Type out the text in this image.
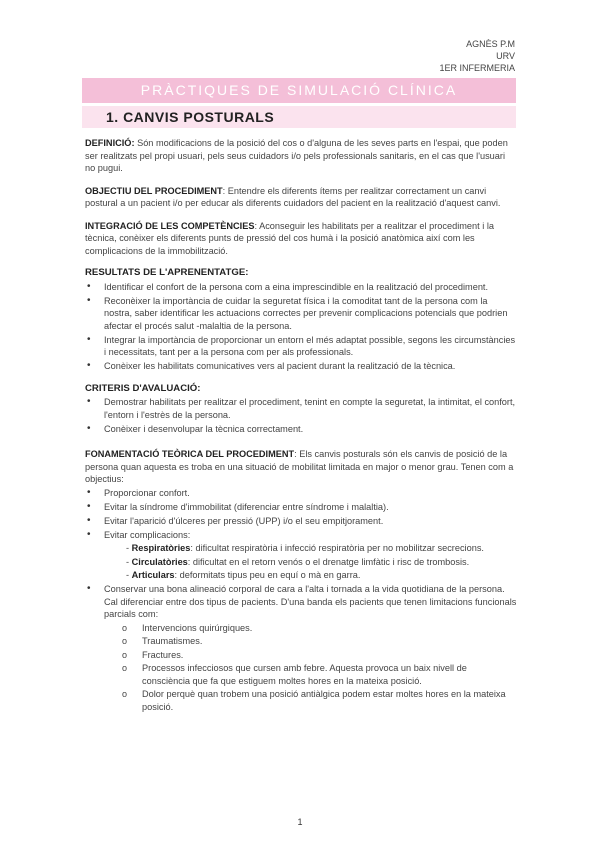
AGNÈS P.M
URV
1ER INFERMERIA
PRÀCTIQUES DE SIMULACIÓ CLÍNICA
1. CANVIS POSTURALS

DEFINICIÓ: Són modificacions de la posició del cos o d'alguna de les seves parts en l'espai, que poden ser realitzats pel propi usuari, pels seus cuidadors i/o pels professionals sanitaris, en el cas que l'usuari no pugui.

OBJECTIU DEL PROCEDIMENT: Entendre els diferents ítems per realitzar correctament un canvi postural a un pacient i/o per educar als diferents cuidadors del pacient en la realització d'aquest canvi.

INTEGRACIÓ DE LES COMPETÈNCIES: Aconseguir les habilitats per a realitzar el procediment i la tècnica, conèixer els diferents punts de pressió del cos humà i la posició anatòmica així com les complicacions de la immobilització.

RESULTATS DE L'APRENENTATGE:
• Identificar el confort de la persona com a eina imprescindible en la realització del procediment.
• Reconèixer la importància de cuidar la seguretat física i la comoditat tant de la persona com la nostra, saber identificar les actuacions correctes per prevenir complicacions potencials que podrien afectar el procés salut -malaltia de la persona.
• Integrar la importància de proporcionar un entorn el més adaptat possible, segons les circumstàncies i necessitats, tant per a la persona com per als professionals.
• Conèixer les habilitats comunicatives vers al pacient durant la realització de la tècnica.
CRITERIS D'AVALUACIÓ:
• Demostrar habilitats per realitzar el procediment, tenint en compte la seguretat, la intimitat, el confort, l'entorn i l'estrès de la persona.
• Conèixer i desenvolupar la tècnica correctament.

FONAMENTACIÓ TEÒRICA DEL PROCEDIMENT: Els canvis posturals són els canvis de posició de la persona quan aquesta es troba en una situació de mobilitat limitada en major o menor grau. Tenen com a objectius:

• Proporcionar confort.
• Evitar la síndrome d'immobilitat (diferenciar entre síndrome i malaltia).
• Evitar l'aparició d'úlceres per pressió (UPP) i/o el seu empitjorament.
• Evitar complicacions:
- Respiratòries: dificultat respiratòria i infecció respiratòria per no mobilitzar secrecions.
- Circulatòries: dificultat en el retorn venós o el drenatge limfàtic i risc de trombosis.
- Articulars: deformitats tipus peu en equí o mà en garra.
• Conservar una bona alineació corporal de cara a l'alta i tornada a la vida quotidiana de la persona. Cal diferenciar entre dos tipus de pacients. D'una banda els pacients que tenen limitacions funcionals parcials com:
o Intervencions quirúrgiques.
o Traumatismes.
o Fractures.
o Processos infecciosos que cursen amb febre. Aquesta provoca un baix nivell de consciència que fa que estiguem moltes hores en la mateixa posició.
o Dolor perquè quan trobem una posició antiàlgica podem estar moltes hores en la mateixa posició.
1
